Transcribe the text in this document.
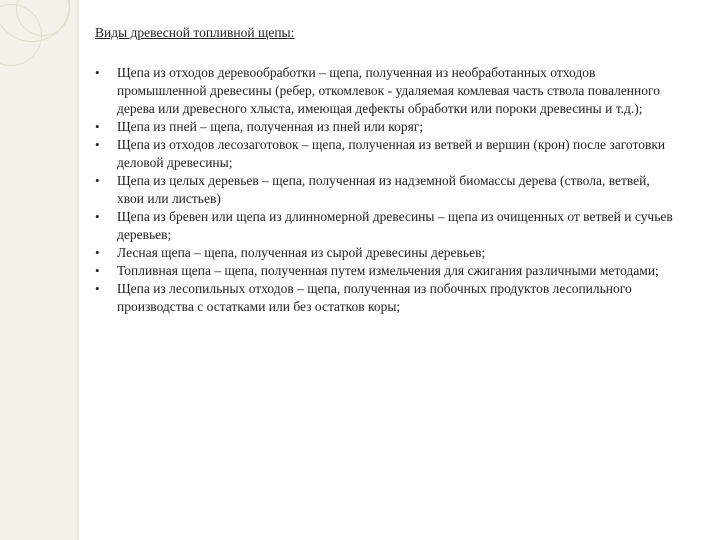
Виды древесной топливной щепы:
• Щепа из отходов деревообработки – щепа, полученная из необработанных отходов промышленной древесины (ребер, откомлевок - удаляемая комлевая часть ствола поваленного дерева или древесного хлыста, имеющая дефекты обработки или пороки древесины и т.д.);
• Щепа из пней – щепа, полученная из пней или коряг;
• Щепа из отходов лесозаготовок – щепа, полученная из ветвей и вершин (крон) после заготовки деловой древесины;
• Щепа из целых деревьев – щепа, полученная из надземной биомассы дерева (ствола, ветвей, хвои или листьев)
• Щепа из бревен или щепа из длинномерной древесины – щепа из очищенных от ветвей и сучьев деревьев;
• Лесная щепа – щепа, полученная из сырой древесины деревьев;
• Топливная щепа – щепа, полученная путем измельчения для сжигания различными методами;
• Щепа из лесопильных отходов – щепа, полученная из побочных продуктов лесопильного производства с остатками или без остатков коры;
